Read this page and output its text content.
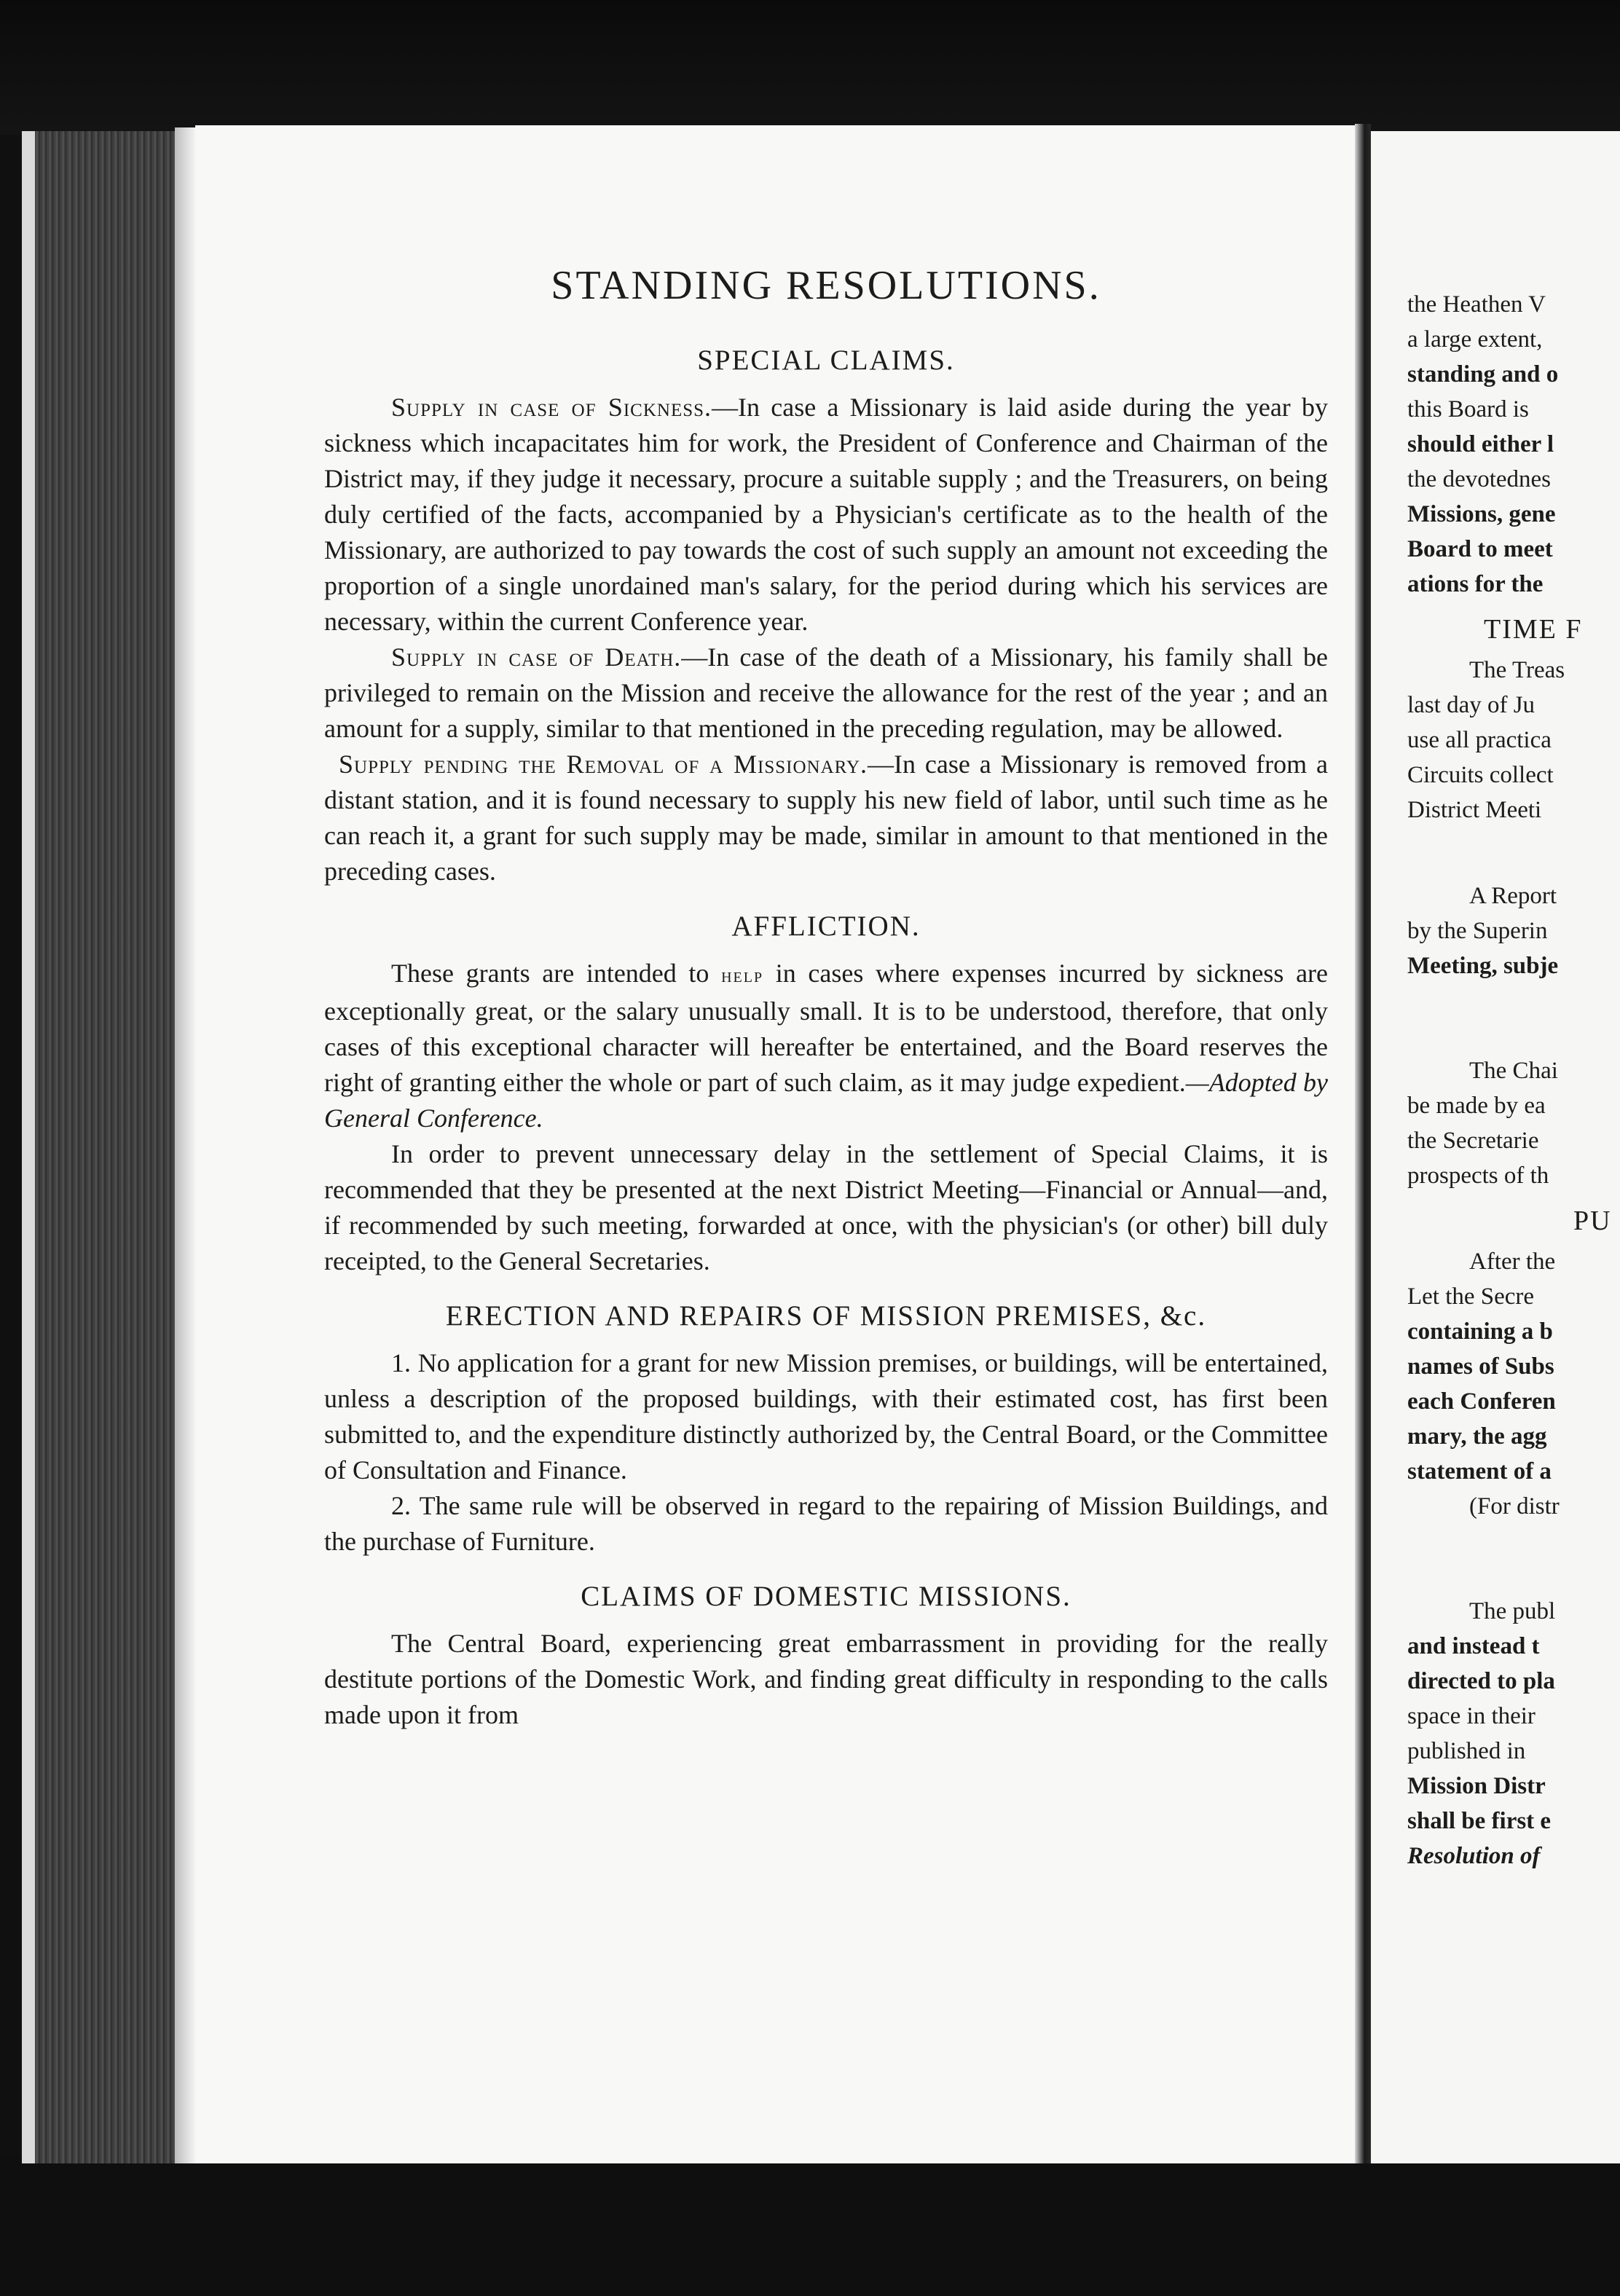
STANDING RESOLUTIONS.
SPECIAL CLAIMS.

Supply in case of Sickness.—In case a Missionary is laid aside during the year by sickness which incapacitates him for work, the President of Conference and Chairman of the District may, if they judge it necessary, procure a suitable supply ; and the Treasurers, on being duly certified of the facts, accompanied by a Physician's certificate as to the health of the Missionary, are authorized to pay towards the cost of such supply an amount not exceeding the proportion of a single unordained man's salary, for the period during which his services are necessary, within the current Conference year.

Supply in case of Death.—In case of the death of a Missionary, his family shall be privileged to remain on the Mission and receive the allowance for the rest of the year ; and an amount for a supply, similar to that mentioned in the preceding regulation, may be allowed.

Supply pending the Removal of a Missionary.—In case a Missionary is removed from a distant station, and it is found necessary to supply his new field of labor, until such time as he can reach it, a grant for such supply may be made, similar in amount to that mentioned in the preceding cases.

AFFLICTION.

These grants are intended to help in cases where expenses incurred by sickness are exceptionally great, or the salary unusually small. It is to be understood, therefore, that only cases of this exceptional character will hereafter be entertained, and the Board reserves the right of granting either the whole or part of such claim, as it may judge expedient.—Adopted by General Conference.

In order to prevent unnecessary delay in the settlement of Special Claims, it is recommended that they be presented at the next District Meeting—Financial or Annual—and, if recommended by such meeting, forwarded at once, with the physician's (or other) bill duly receipted, to the General Secretaries.

ERECTION AND REPAIRS OF MISSION PREMISES, &c.

1. No application for a grant for new Mission premises, or buildings, will be entertained, unless a description of the proposed buildings, with their estimated cost, has first been submitted to, and the expenditure distinctly authorized by, the Central Board, or the Committee of Consultation and Finance.

2. The same rule will be observed in regard to the repairing of Mission Buildings, and the purchase of Furniture.

CLAIMS OF DOMESTIC MISSIONS.

The Central Board, experiencing great embarrassment in providing for the really destitute portions of the Domestic Work, and finding great difficulty in responding to the calls made upon it from

the Heathen V
a large extent,
standing and o
this Board is
should either l
the devotednes
Missions, gene
Board to meet
ations for the
TIME F
The Treas
last day of Ju
use all practica
Circuits collect
District Meeti
A Report
by the Superin
Meeting, subje
The Chai
be made by ea
the Secretarie
prospects of th
PU
After the
Let the Secre
containing a b
names of Subs
each Conferen
mary, the agg
statement of a
(For distr
The publ
and instead t
directed to pla
space in their
published in
Mission Distr
shall be first e
Resolution of
